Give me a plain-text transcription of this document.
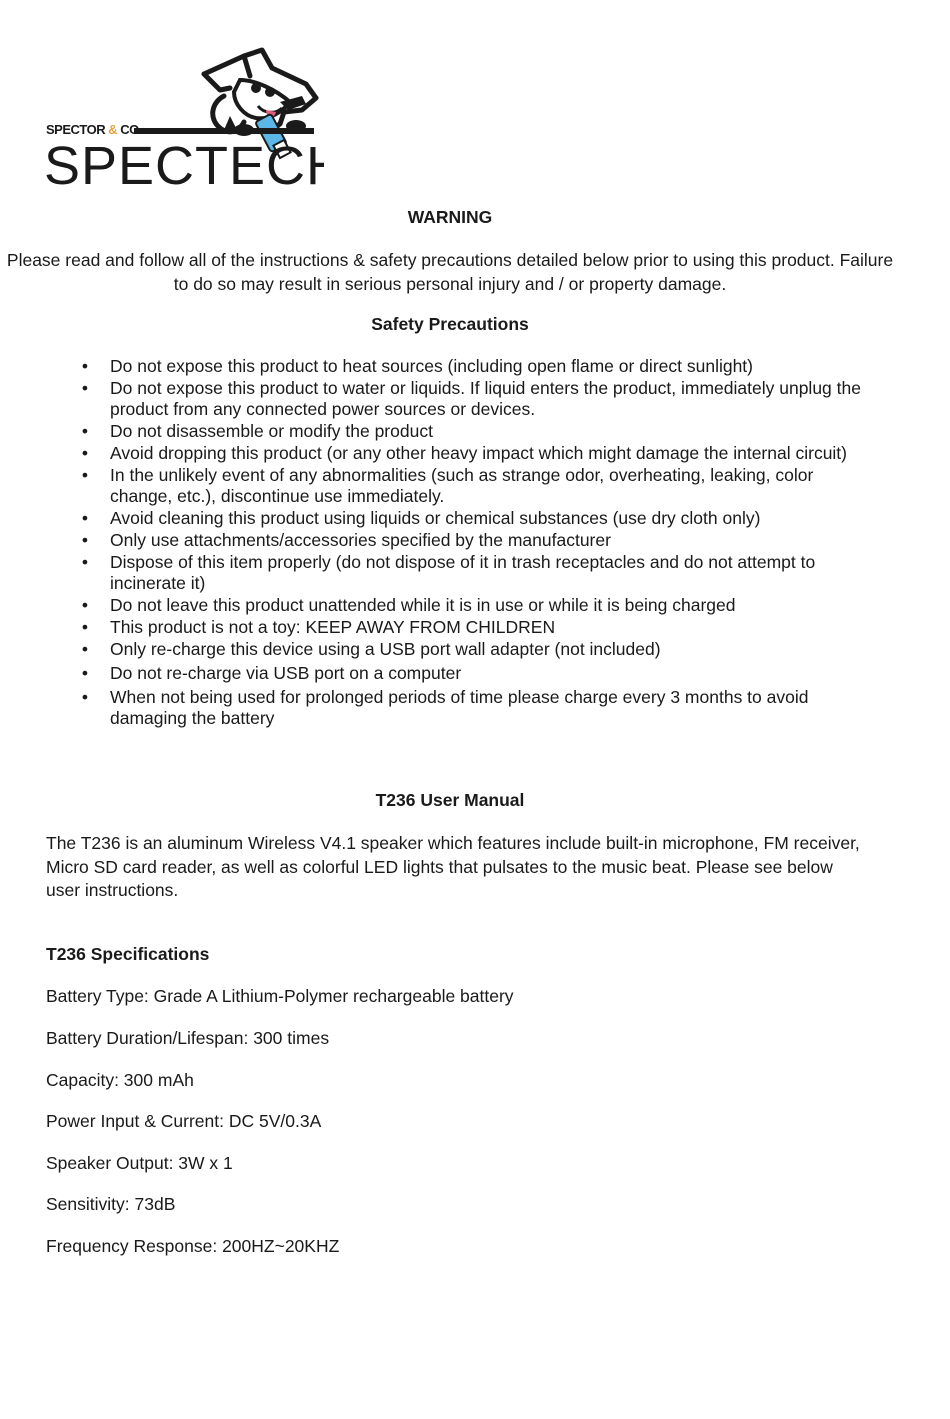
SPECTOR & CO.
SPECTECH
WARNING
Please read and follow all of the instructions & safety precautions detailed below prior to using this product. Failure to do so may result in serious personal injury and / or property damage.
Safety Precautions
•	Do not expose this product to heat sources (including open flame or direct sunlight)
•	Do not expose this product to water or liquids. If liquid enters the product, immediately unplug the product from any connected power sources or devices.
•	Do not disassemble or modify the product
•	Avoid dropping this product (or any other heavy impact which might damage the internal circuit)
•	In the unlikely event of any abnormalities (such as strange odor, overheating, leaking, color change, etc.), discontinue use immediately.
•	Avoid cleaning this product using liquids or chemical substances (use dry cloth only)
•	Only use attachments/accessories specified by the manufacturer
•	Dispose of this item properly (do not dispose of it in trash receptacles and do not attempt to incinerate it)
•	Do not leave this product unattended while it is in use or while it is being charged
•	This product is not a toy: KEEP AWAY FROM CHILDREN
•	Only re-charge this device using a USB port wall adapter (not included)
•	Do not re-charge via USB port on a computer
•	When not being used for prolonged periods of time please charge every 3 months to avoid damaging the battery
T236 User Manual
The T236 is an aluminum Wireless V4.1 speaker which features include built-in microphone, FM receiver, Micro SD card reader, as well as colorful LED lights that pulsates to the music beat. Please see below user instructions.
T236 Specifications
Battery Type: Grade A Lithium-Polymer rechargeable battery
Battery Duration/Lifespan: 300 times
Capacity: 300 mAh
Power Input & Current: DC 5V/0.3A
Speaker Output: 3W x 1
Sensitivity: 73dB
Frequency Response: 200HZ~20KHZ
